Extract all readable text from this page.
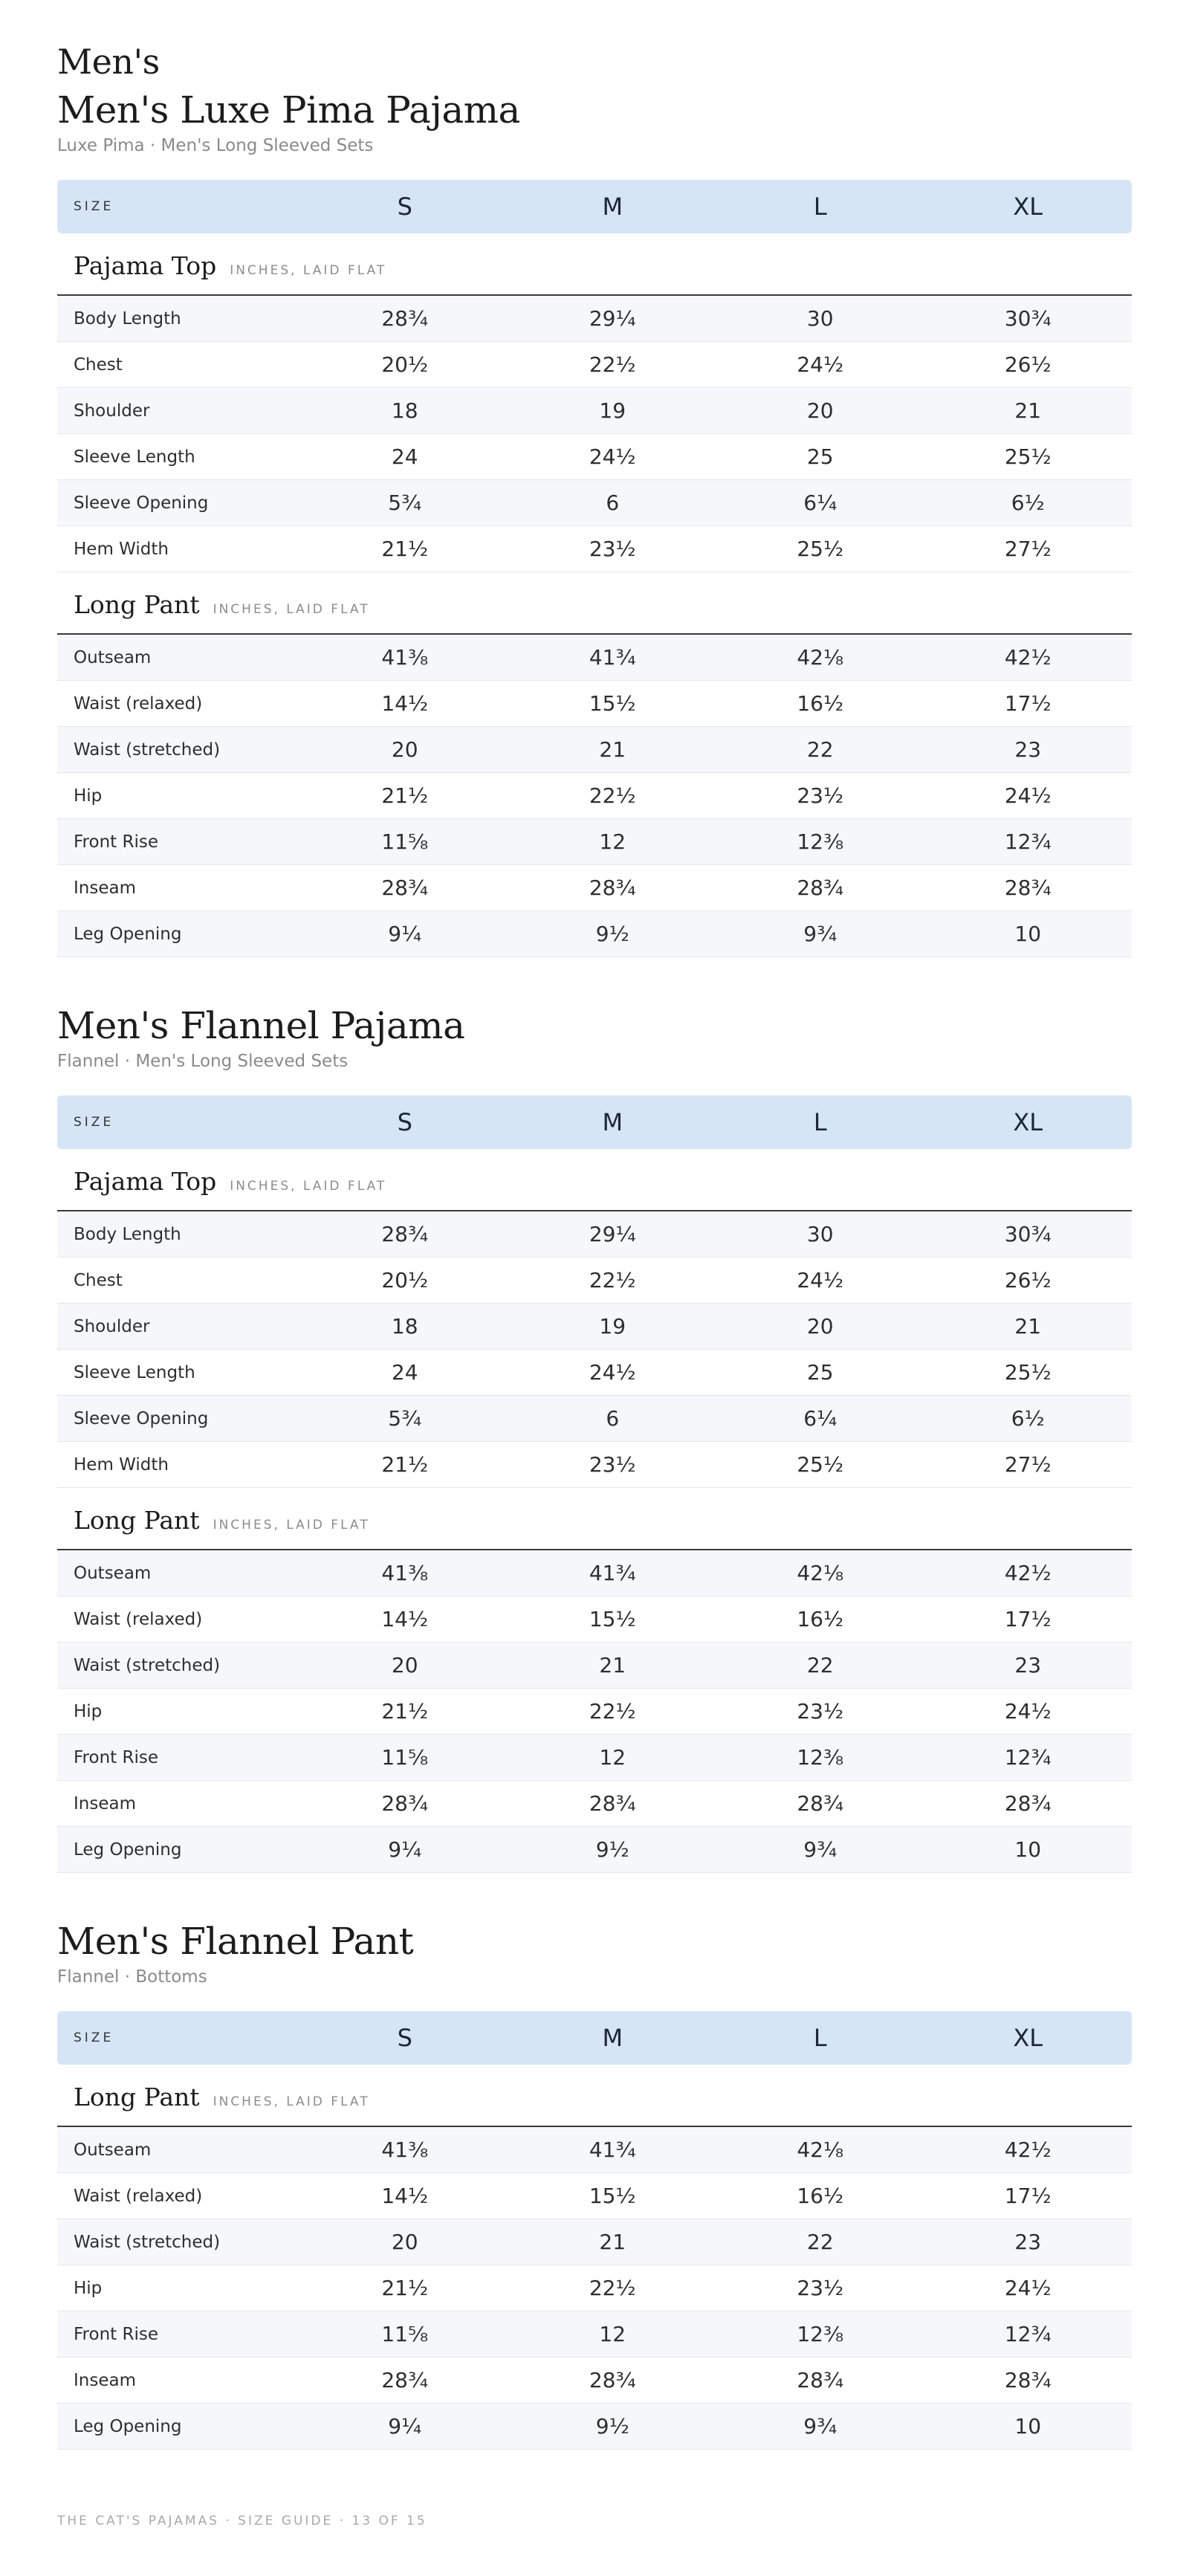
Men's
Men's Luxe Pima Pajama
Luxe Pima · Men's Long Sleeved Sets
SIZE	S	M	L	XL
Pajama Top INCHES, LAID FLAT
Body Length	28¾	29¼	30	30¾
Chest	20½	22½	24½	26½
Shoulder	18	19	20	21
Sleeve Length	24	24½	25	25½
Sleeve Opening	5¾	6	6¼	6½
Hem Width	21½	23½	25½	27½
Long Pant INCHES, LAID FLAT
Outseam	41⅜	41¾	42⅛	42½
Waist (relaxed)	14½	15½	16½	17½
Waist (stretched)	20	21	22	23
Hip	21½	22½	23½	24½
Front Rise	11⅝	12	12⅜	12¾
Inseam	28¾	28¾	28¾	28¾
Leg Opening	9¼	9½	9¾	10
Men's Flannel Pajama
Flannel · Men's Long Sleeved Sets
SIZE	S	M	L	XL
Pajama Top INCHES, LAID FLAT
Body Length	28¾	29¼	30	30¾
Chest	20½	22½	24½	26½
Shoulder	18	19	20	21
Sleeve Length	24	24½	25	25½
Sleeve Opening	5¾	6	6¼	6½
Hem Width	21½	23½	25½	27½
Long Pant INCHES, LAID FLAT
Outseam	41⅜	41¾	42⅛	42½
Waist (relaxed)	14½	15½	16½	17½
Waist (stretched)	20	21	22	23
Hip	21½	22½	23½	24½
Front Rise	11⅝	12	12⅜	12¾
Inseam	28¾	28¾	28¾	28¾
Leg Opening	9¼	9½	9¾	10
Men's Flannel Pant
Flannel · Bottoms
SIZE	S	M	L	XL
Long Pant INCHES, LAID FLAT
Outseam	41⅜	41¾	42⅛	42½
Waist (relaxed)	14½	15½	16½	17½
Waist (stretched)	20	21	22	23
Hip	21½	22½	23½	24½
Front Rise	11⅝	12	12⅜	12¾
Inseam	28¾	28¾	28¾	28¾
Leg Opening	9¼	9½	9¾	10
THE CAT'S PAJAMAS · SIZE GUIDE · 13 OF 15
